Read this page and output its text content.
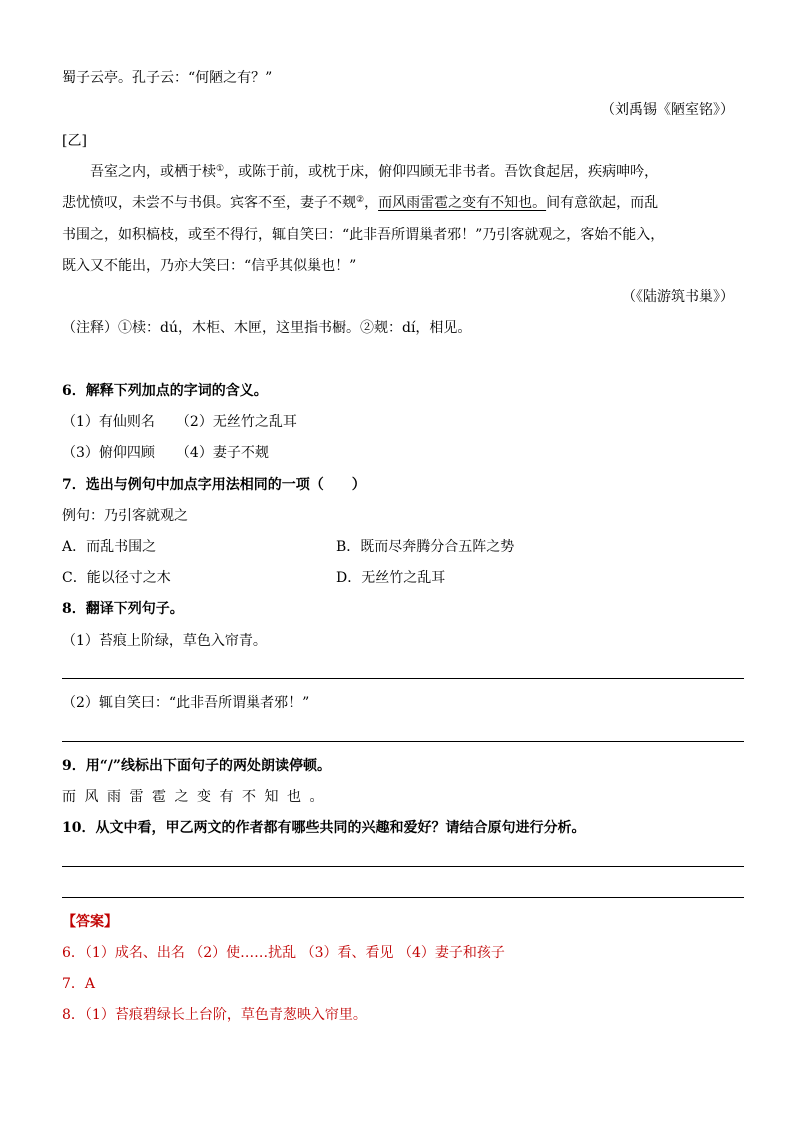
蜀子云亭。孔子云：“何陋之有？”
（刘禹锡《陋室铭》）
[乙]
吾室之内，或栖于椟①，或陈于前，或枕于床，俯仰四顾无非书者。吾饮食起居，疾病呻吟，
悲忧愤叹，未尝不与书俱。宾客不至，妻子不觌②，而风雨雷雹之变有不知也。间有意欲起，而乱
书围之，如积槁枝，或至不得行，辄自笑曰：“此非吾所谓巢者邪！”乃引客就观之，客始不能入，
既入又不能出，乃亦大笑曰：“信乎其似巢也！”
（《陆游筑书巢》）
（注释）①椟：dú，木柜、木匣，这里指书橱。②觌：dí，相见。
6．解释下列加点的字词的含义。
（1）有仙则名　　（2）无丝竹之乱耳
（3）俯仰四顾　　（4）妻子不觌
7．选出与例句中加点字用法相同的一项（　　）
例句：乃引客就观之
A．而乱书围之	B．既而尽奔腾分合五阵之势
C．能以径寸之木	D．无丝竹之乱耳
8．翻译下列句子。
（1）苔痕上阶绿，草色入帘青。
（2）辄自笑曰：“此非吾所谓巢者邪！”
9．用“/”线标出下面句子的两处朗读停顿。
而风雨雷雹之变有不知也。
10．从文中看，甲乙两文的作者都有哪些共同的兴趣和爱好？请结合原句进行分析。
【答案】
6．（1）成名、出名 （2）使……扰乱 （3）看、看见 （4）妻子和孩子
7．A
8．（1）苔痕碧绿长上台阶，草色青葱映入帘里。
